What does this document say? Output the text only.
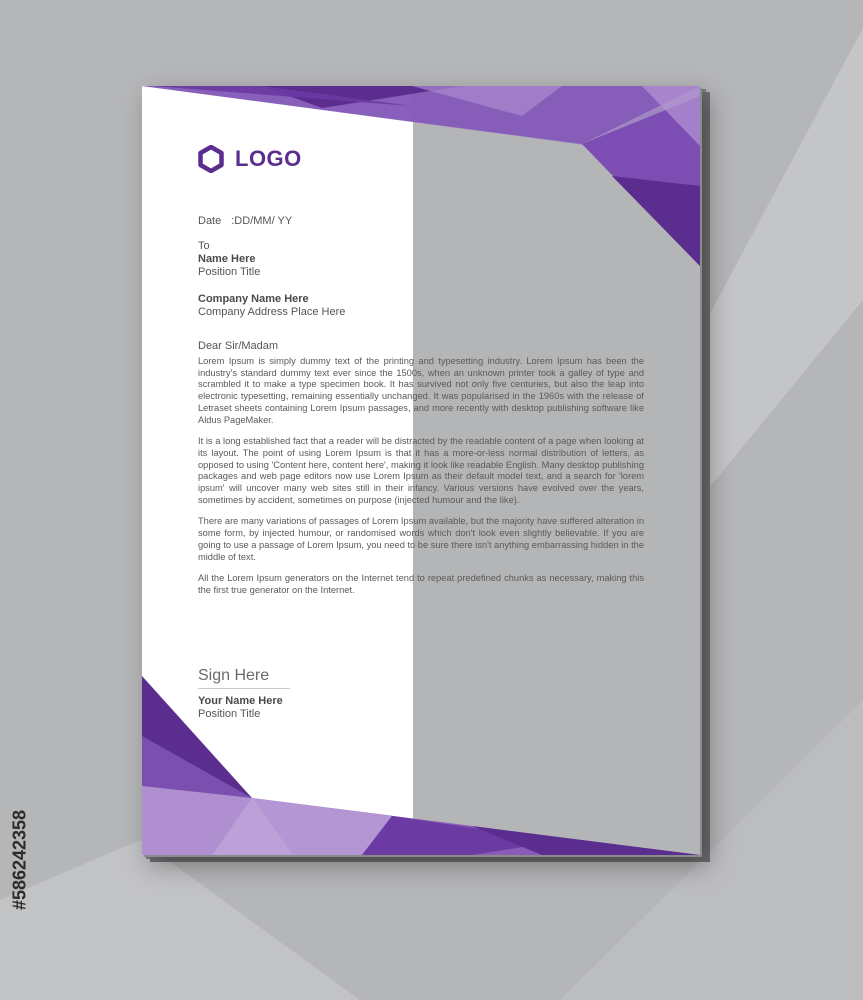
#586242358
LOGO
Date :DD/MM/ YY
To
Name Here
Position Title
Company Name Here
Company Address Place Here
Dear Sir/Madam

Lorem Ipsum is simply dummy text of the printing and typesetting industry. Lorem Ipsum has been the industry's standard dummy text ever since the 1500s, when an unknown printer took a galley of type and scrambled it to make a type specimen book. It has survived not only five centuries, but also the leap into electronic typesetting, remaining essentially unchanged. It was popularised in the 1960s with the release of Letraset sheets containing Lorem Ipsum passages, and more recently with desktop publishing software like Aldus PageMaker.

It is a long established fact that a reader will be distracted by the readable content of a page when looking at its layout. The point of using Lorem Ipsum is that it has a more-or-less normal distribution of letters, as opposed to using 'Content here, content here', making it look like readable English. Many desktop publishing packages and web page editors now use Lorem Ipsum as their default model text, and a search for 'lorem ipsum' will uncover many web sites still in their infancy. Various versions have evolved over the years, sometimes by accident, sometimes on purpose (injected humour and the like).

There are many variations of passages of Lorem Ipsum available, but the majority have suffered alteration in some form, by injected humour, or randomised words which don't look even slightly believable. If you are going to use a passage of Lorem Ipsum, you need to be sure there isn't anything embarrassing hidden in the middle of text.

All the Lorem Ipsum generators on the Internet tend to repeat predefined chunks as necessary, making this the first true generator on the Internet.

Sign Here
Your Name Here
Position Title
